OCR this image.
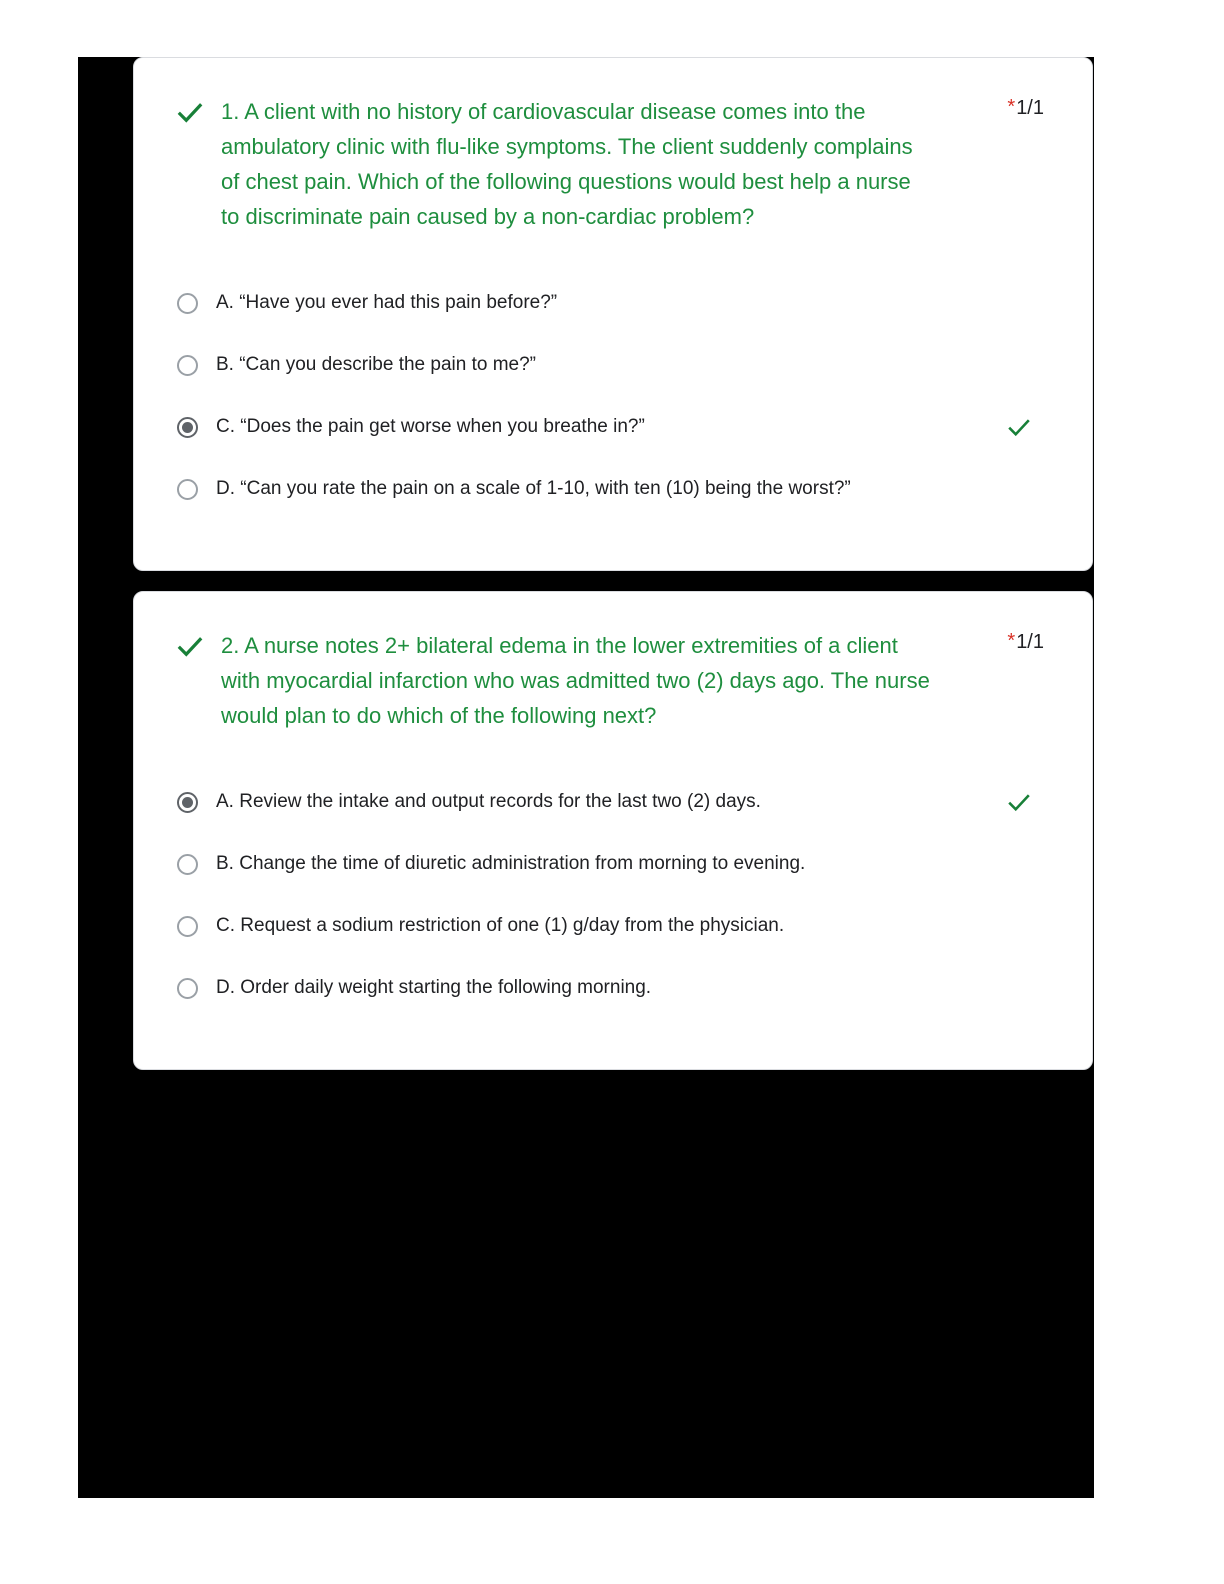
1. A client with no history of cardiovascular disease comes into the
ambulatory clinic with flu-like symptoms. The client suddenly complains
of chest pain. Which of the following questions would best help a nurse
to discriminate pain caused by a non-cardiac problem?
*1/1
A. “Have you ever had this pain before?”
B. “Can you describe the pain to me?”
C. “Does the pain get worse when you breathe in?”
D. “Can you rate the pain on a scale of 1-10, with ten (10) being the worst?”
2. A nurse notes 2+ bilateral edema in the lower extremities of a client
with myocardial infarction who was admitted two (2) days ago. The nurse
would plan to do which of the following next?
*1/1
A. Review the intake and output records for the last two (2) days.
B. Change the time of diuretic administration from morning to evening.
C. Request a sodium restriction of one (1) g/day from the physician.
D. Order daily weight starting the following morning.
